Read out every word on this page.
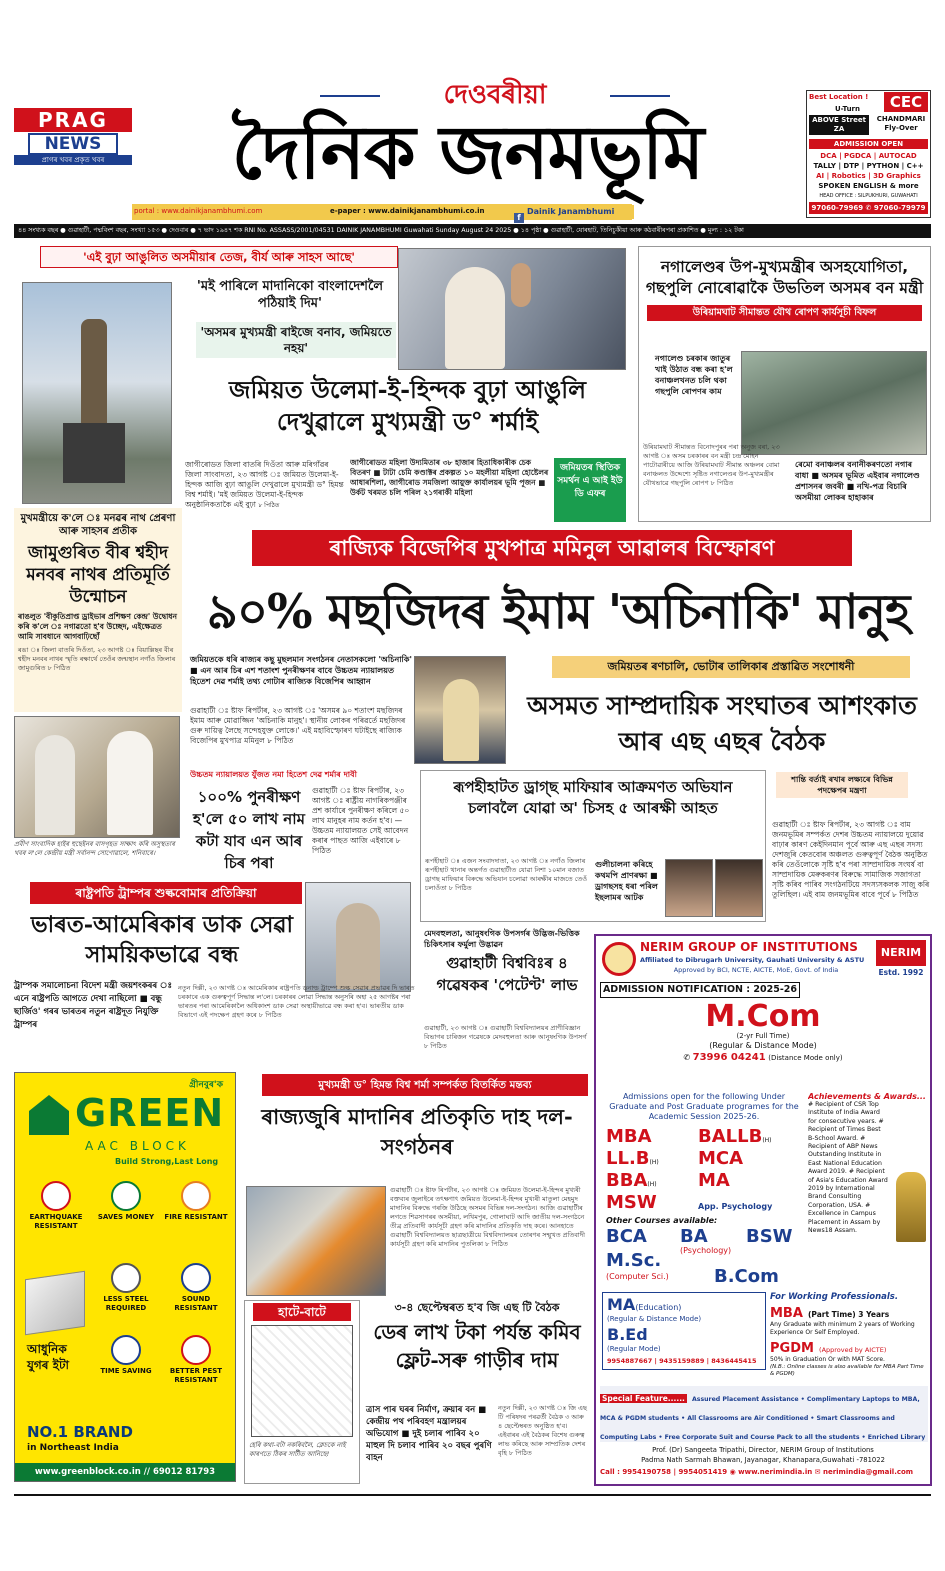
PRAG
NEWS
প্ৰাগৰ খবৰ প্ৰকৃত খবৰ
দেওবৰীয়া
দৈনিক জনমভূমি
portal : www.dainikjanambhumi.com	e-paper : www.dainikjanambhumi.co.in
$f^{Dainik Janambhumi}$
Best Location !	CEC
U-Turn
ABOVE Street ZA
CHANDMARI Fly-Over
ADMISSION OPEN
DCA | PGDCA | AUTOCAD
TALLY | DTP | PYTHON | C++
AI | Robotics | 3D Graphics
SPOKEN ENGLISH & more
HEAD OFFICE : SILPUKHURI, GUWAHATI
97060-79969 ✆ 97060-79979
৪৪ সংখ্যক বছৰ ● গুৱাহাটী, পদ্মবিংশ বছৰ, সংখ্যা ১৫৩ ● দেওবাৰ ● ৭ ভাদ ১৯৪৭ শক RNI No. ASSASS/2001/04531 DAINIK JANAMBHUMI Guwahati Sunday August 24 2025 ● ১৪ পৃষ্ঠা ● গুৱাহাটী, যোৰহাট, তিনিচুকীয়া আৰু কঠবাৰীৰপৰা প্ৰকাশিত ● মূল্য : ১২ টকা
'এই বুঢ়া আঙুলিত অসমীয়াৰ তেজ, বীৰ্য আৰু সাহস আছে'
'মই পাৰিলে মাদানিকো বাংলাদেশলৈ পঠিয়াই দিম'
'অসমৰ মুখ্যমন্ত্ৰী ৰাইজে বনাব, জমিয়তে নহয়'
জমিয়ত উলেমা-ই-হিন্দক বুঢ়া আঙুলি দেখুৱালে মুখ্যমন্ত্ৰী ড° শৰ্মাই
জাগীৰোডত জিলা বাতৰি দিওঁতা আৰু মৰিগাঁৱৰ জিলা সাংবাদতা, ২৩ আগষ্ট ঃ জমিয়ত উলেমা-ই-হিন্দক আজি বুঢ়া আঙুলি দেখুৱালে মুখ্যমন্ত্ৰী ড° হিমন্ত বিশ্ব শৰ্মাই। 'মই জমিয়ত উলেমা-ই-হিন্দক অনুষ্ঠানিকতাকৈ এই বুঢ়া ৮ পিঠিত
জাগীৰোডত মহিলা উদ্যমিতাৰ ৩৮ হাজাৰ হিতাধিকাৰীক চেক বিতৰণ ■ টাটা চেমি কণ্ডাক্টৰ প্ৰকল্পত ১০ মহলীয়া মহিলা হোষ্টেলৰ আধাৰশিলা, জাগীৰোড সমজিলা আয়ুক্ত কাৰ্যালয়ৰ ভূমি পূজন ■ উৰ্কট খৰমত চলি পৰিল ২১গৰাকী মহিলা
জমিয়তৰ স্থিতিক সমৰ্থন এ আই ইউ ডি এফৰ
মুখমন্ত্ৰীয়ে ক'লে ঃ মনৱৰ নাথ প্ৰেৰণা আৰু সাহসৰ প্ৰতীক
জামুগুৰিত বীৰ শ্বহীদ মনবৰ নাথৰ প্ৰতিমূৰ্তি উন্মোচন
ৰাঙলুত 'বীকুতিপ্ৰাপ্ত ড্ৰাইভাৰ প্ৰশিক্ষণ কেন্দ্ৰ' উদ্বোধন কৰি ক'লে ঃ নগাৱতো হ'ব উচ্ছেদ, এইক্ষেত্ৰত আমি সাবধানে আগবাঢ়িছোঁ
ৰঙা ঃ জিলা বাতৰি দিওঁতা, ২৩ আগষ্ট ঃ বিয়াল্লিছৰ বীৰ শ্বহীদ মনবৰ নাথৰ স্মৃতি ৰক্ষাৰ্থে তেওঁৰ জন্মস্থান নগাঁও জিলাৰ জামুগুৰিত ৮ পিঠিত
নগালেণ্ডৰ উপ-মুখ্যমন্ত্ৰীৰ অসহযোগিতা, গছপুলি নোৰোৱাকৈ উভতিল অসমৰ বন মন্ত্ৰী
উৰিয়ামঘাট সীমান্তত যৌথ ৰোপণ কাৰ্যসূচী বিফল
নগালেণ্ড চৰকাৰ জাতুৰ খাই উঠাত বন্ধ কৰা হ'ল বনাঞ্চলখনত চলি থকা গছপুলি ৰোপণৰ কাম
উৰিয়ামঘাট সীমান্তত বিনোদপুৰৰ পৰা অনুজ বৰা, ২৩ আগষ্ট ঃ অসম চৰকাৰৰ বন মন্ত্ৰী চন্দ্ৰ মোহন পাটোৱাৰীয়ে আজি উৰিয়ামঘাট সীমান্ত অঞ্চলৰ বোমা বনাঞ্চলত উদ্দেশ্যে সৃষ্টিত নগালেণ্ডৰ উপ-মুখ্যমন্ত্ৰীৰ যৌথভাৱে গছপুলি ৰোপণ ৮ পিঠিত
ৰেমো বনাঞ্চলৰ বনানীকৰণতো নগাৰ বাধা ■ অসমৰ ভূমিত এইবাৰ নগালেণ্ড প্ৰশাসনৰ জবৰী ■ নখি-পত্ৰ বিচাৰি অসমীয়া লোকৰ হাহাকাৰ
ৰাজ্যিক বিজেপিৰ মুখপাত্ৰ মমিনুল আৱালৰ বিস্ফোৰণ
৯০% মছজিদৰ ইমাম 'অচিনাকি' মানুহ
জমিয়তকে ধৰি ৰাজ্যৰ কছু মুছলমান সংগঠনৰ নেতাসকলো 'অচিনাকি' ■ এন আৰ চিৰ এশ শতাংশ পুনৰীক্ষণৰ বাবে উচ্চতম ন্যায়ালয়ত হিতেশ দেৱ শৰ্মাই তথ্য গোটাৰ ৰাজ্যিক বিজেপিৰ আহ্বান
গুৱাহাটী ঃ ষ্টাফ ৰিপৰ্টাৰ, ২৩ আগষ্ট ঃ 'অসমৰ ৯০ শতাংশ মছজিদৰ ইমাম আৰু মোৱাজ্জিন 'অচিনাকি মানুহ'। স্থানীয় লোকৰ পৰিৱৰ্তে মছজিদৰ গুৰু দায়িত্ব লৈছে সন্দেহযুক্ত লোকে।' এই মহাবিস্ফোৰণ ঘটাইছে ৰাজ্যিক বিজেপিৰ মুখপাত্ৰ মমিনুল ৮ পিঠিত
প্ৰবীণ সাংবাদিক হাইৰ হুছেইনৰ বাসগৃহত সাক্ষাৎ কৰি অসুস্থতাৰ খবৰ ল'লে কেন্দ্ৰীয় মন্ত্ৰী সৰ্বানন্দ সোণোৱালে, শনিবাৰে।
জমিয়তৰ ৰণচালি, ভোটাৰ তালিকাৰ প্ৰস্তাৱিত সংশোধনী
অসমত সাম্প্ৰদায়িক সংঘাতৰ আশংকাত আৰ এছ এছৰ বৈঠক
উচ্চতম ন্যায়ালয়ত যুঁজত নমা হিতেশ দেৱ শৰ্মাৰ দাবী
১০০% পুনৰীক্ষণ হ'লে ৫০ লাখ নাম কটা যাব এন আৰ চিৰ পৰা
গুৱাহাটী ঃ ষ্টাফ ৰিপৰ্টাৰ, ২৩ আগষ্ট ঃ ৰাষ্ট্ৰীয় নাগৰিকপঞ্জীৰ প্ৰশ কাৰ্যাৰে পুনৰীক্ষণ কৰিলে ৫০ লাখ মানুহৰ নাম কৰ্তন হ'ব। — উচ্চতম ন্যায়ালয়ত সেই আবেদন কৰাৰ পাছত আজি এইবাৰে ৮ পিঠিত
ৰূপহীহাটত ড্ৰাগ্ছ মাফিয়াৰ আক্ৰমণত অভিযান চলাবলৈ যোৱা অ' চিসহ ৫ আৰক্ষী আহত
ৰূপহীহাট ঃ এজন সংবাদদাতা, ২৩ আগষ্ট ঃ নগাঁও জিলাৰ ৰূপহীহাট থানাৰ অন্তৰ্গত গুৱাহাটীত যোৱা নিশা ১০মান বজাত ড্ৰাগছ মাফিয়াৰ বিৰুদ্ধে অভিযান চলোৱা আৰক্ষীৰ মাজতে তেওঁ চলাওঁতা ৮ পিঠিত
গুলীচালনা কৰিহে কথমপি প্ৰাণৰক্ষা ■ ড্ৰাগছসহ ধৰা পৰিল ইছলামৰ আটক
শান্তি বৰ্তাই ৰখাৰ লক্ষ্যৰে বিভিন্ন পদক্ষেপৰ মন্ত্ৰণা
গুৱাহাটী ঃ ষ্টাফ ৰিপৰ্টাৰ, ২৩ আগষ্ট ঃ বাম জনমভূমিৰ সম্পৰ্কত দেশৰ উচ্চতম ন্যায়ালয়ে দুয়োৱ বাঢ়াৰ কাৰণ কেইদিনমান পূৰ্বে আৰু এছ এছৰ সদস্য দেশজুৰি কেতবোৰ অঞ্চলত গুৰুত্বপূৰ্ণ বৈঠক অনুষ্ঠিত কৰি তেওঁলোকে সৃষ্টি হ'ব পৰা সাম্প্ৰদায়িক সংঘৰ্ষ বা সাম্প্ৰদায়িক মেৰুকৰণৰ বিৰুদ্ধে সামাজিক সজাগতা সৃষ্টি কৰিব পাৰিব সংগঠনটিয়ে সদস্যসকলক সাজু কৰি তুলিছিল। এই বাম জনমভূমিৰ বাবে পূৰ্বে ৮ পিঠিত
ৰাষ্ট্ৰপতি ট্ৰাম্পৰ শুল্কবোমাৰ প্ৰতিক্ৰিয়া
ভাৰত-আমেৰিকাৰ ডাক সেৱা সাময়িকভাৱে বন্ধ
ট্ৰাম্পক সমালোচনা বিদেশ মন্ত্ৰী জয়শংকৰৰ ঃ এনে ৰাষ্ট্ৰপতি আগতে দেখা নাছিলো ■ বন্ধু ছাৰ্জিও' গৰৰ ভাৰতৰ নতুন ৰাষ্ট্ৰদূত নিযুক্তি ট্ৰাম্পৰ
নতুন দিল্লী, ২৩ আগষ্ট ঃ আমেৰিকাৰ ৰাষ্ট্ৰপতি ডনাল্ড ট্ৰাম্পে শুল্ক সেৱাৰ প্ৰভাৱৰ দি ভাৰত চৰকাৰে এক গুৰুত্বপূৰ্ণ সিদ্ধান্ত ল'লে। চৰকাৰৰ লোৱা সিদ্ধান্ত অনুসৰি অহা ২৫ আগষ্টৰ পৰা ভাৰতৰ পৰা আমেৰিকালৈ অধিকাংশ ডাক সেৱা অস্থায়ীভাৱে বন্ধ কৰা হ'ব। ভাৰতীয় ডাক বিভাগে এই পদক্ষেপ গ্ৰহণ কৰে ৮ পিঠিত
মেদবহুলতা, আনুষংগিক উপসৰ্গৰ উদ্ভিজ-ভিত্তিক চিকিৎসাৰ ফৰ্মুলা উদ্ভাৱন
গুৱাহাটী বিশ্ববিঃৰ ৪ গৱেষকৰ 'পেটেণ্ট' লাভ
গুৱাহাটী, ২৩ আগষ্ট ঃ গুৱাহাটী বিশ্ববিদ্যালয়ৰ প্ৰাণীবিজ্ঞান বিভাগৰ চাৰিজন গৱেষকে মেদবহুলতা আৰু আনুষংগিক উপসৰ্গ ৮ পিঠিত
গ্ৰীনবুৰ'ক
GREEN
AAC BLOCK
Build Strong,Last Long
EARTHQUAKE RESISTANT
SAVES MONEY	FIRE RESISTANT
LESS STEEL REQUIRED
SOUND RESISTANT
TIME SAVING	BETTER PEST RESISTANT
আধুনিক যুগৰ ইটা
NO.1 BRAND
in Northeast India
www.greenblock.co.in // 69012 81793
মুখ্যমন্ত্ৰী ড° হিমন্ত বিশ্ব শৰ্মা সম্পৰ্কত বিতৰ্কিত মন্তব্য
ৰাজ্যজুৰি মাদানিৰ প্ৰতিকৃতি দাহ দল-সংগঠনৰ
গুৱাহাটী ঃ ষ্টাফ ৰিপৰ্টাৰ, ২৩ আগষ্ট ঃ জমিয়ত উলেমা-ই-হিন্দৰ মুখ্যৰী বক্তব্যৰ জুলাইৰে তৎক্ষণাৎ জমিয়ত উলেমা-ই-হিন্দৰ মুখ্যৰী মাতুলা মেহমুদ মাদানিৰ বিৰুদ্ধে গৰজি উঠিছে অসমৰ বিভিন্ন দল-সংগঠন। আজি গুৱাহাটীৰ লগতে শিৱসাগৰৰ অসমীয়া, লখিমপুৰ, গোলাঘাট আদি জাতীয় দল-সংগঠনে তীব্ৰ প্ৰতিবাদী কাৰ্যসূচী গ্ৰহণ কৰি মাদানিৰ প্ৰতিকৃতি দাহ কৰে। আনহাতে গুৱাহাটী বিশ্ববিদ্যালয়ত ছাত্ৰছাত্ৰীয়ে বিশ্ববিদ্যালয়ৰ তোৰণৰ সন্মুখত প্ৰতিবাদী কাৰ্যসূচী গ্ৰহণ কৰি মাদানিৰ পুতলিকা ৮ পিঠিত
হাটে-বাটে
হেৰি কথা-বটা নকৰিবলৈ, ক্লেচকে নাই কাৰণতে ঠিকৰ সাৰ্টীত আনিছে!
৩-৪ ছেপ্টেম্বৰত হ'ব জি এছ টি বৈঠক
ডেৰ লাখ টকা পৰ্যন্ত কমিব ফ্লেট-সৰু গাড়ীৰ দাম
ত্ৰাস পাৰ ঘৰৰ নিৰ্মাণ, ক্ৰয়াৰ বন ■ কেন্দ্ৰীয় পথ পৰিবহণ মন্ত্ৰালয়ৰ অভিযোগ ■ দুই চলাৰ পাৰিব ২০ মাহুল দি চলাব পাৰিব ২০ বছৰ পুৰণি বাহন
নতুন দিল্লী, ২৩ আগষ্ট ঃ জি এছ টি পৰিষদৰ পৰৱৰ্তী বৈঠক ৩ আৰু ৪ ছেপ্টেম্বৰত অনুষ্ঠিত হ'ব। এইবাৰৰ এই বৈঠকৰ বিশেষ গুৰুত্ব লাভ কৰিছে আৰু সাম্প্ৰতিক দেশৰ বৃহি ৮ পিঠিত
NERIM GROUP OF INSTITUTIONS
Affiliated to Dibrugarh University, Gauhati University & ASTU
Approved by BCI, NCTE, AICTE, MoE, Govt. of India
NERIM
Estd. 1992
ADMISSION NOTIFICATION : 2025-26
M.Com
(2-yr Full Time)
(Regular & Distance Mode)
✆ 73996 04241 (Distance Mode only)
Admissions open for the following Under Graduate and Post Graduate programes for the Academic Session 2025-26.
MBA	BALLB(H)
LL.B(H) MCA
BBA(H) MA
MSW	App. Psychology
Achievements & Awards...
# Recipient of CSR Top Institute of India Award for consecutive years. # Recipient of Times Best B-School Award. # Recipient of ABP News Outstanding Institute in East National Education Award 2019. # Recipient of Asia's Education Award 2019 by International Brand Consulting Corporation, USA. # Excellence in Campus Placement in Assam by News18 Assam.
Other Courses available:
BCA BA BSW
(Psychology)
M.Sc.
(Computer Sci.)	B.Com
MA(Education)
(Regular & Distance Mode)
B.Ed
(Regular Mode)
9954887667 | 9435159889 | 8436445415
For Working Professionals.
MBA (Part Time) 3 Years
Any Graduate with minimum 2 years of Working Experience Or Self Employed.
PGDM (Approved by AICTE)
50% in Graduation Or with MAT Score.
(N.B.: Online classes is also available for MBA Part Time & PGDM)
Special Feature...... Assured Placement Assistance • Complimentary Laptops to MBA, MCA & PGDM students • All Classrooms are Air Conditioned • Smart Classrooms and Computing Labs • Free Corporate Suit and Course Pack to all the students • Enriched Library
Prof. (Dr) Sangeeta Tripathi, Director, NERIM Group of Institutions
Padma Nath Sarmah Bhawan, Jayanagar, Khanapara,Guwahati -781022
Call : 9954190758 | 9954051419 ◉ www.nerimindia.in ✉ nerimindia@gmail.com
